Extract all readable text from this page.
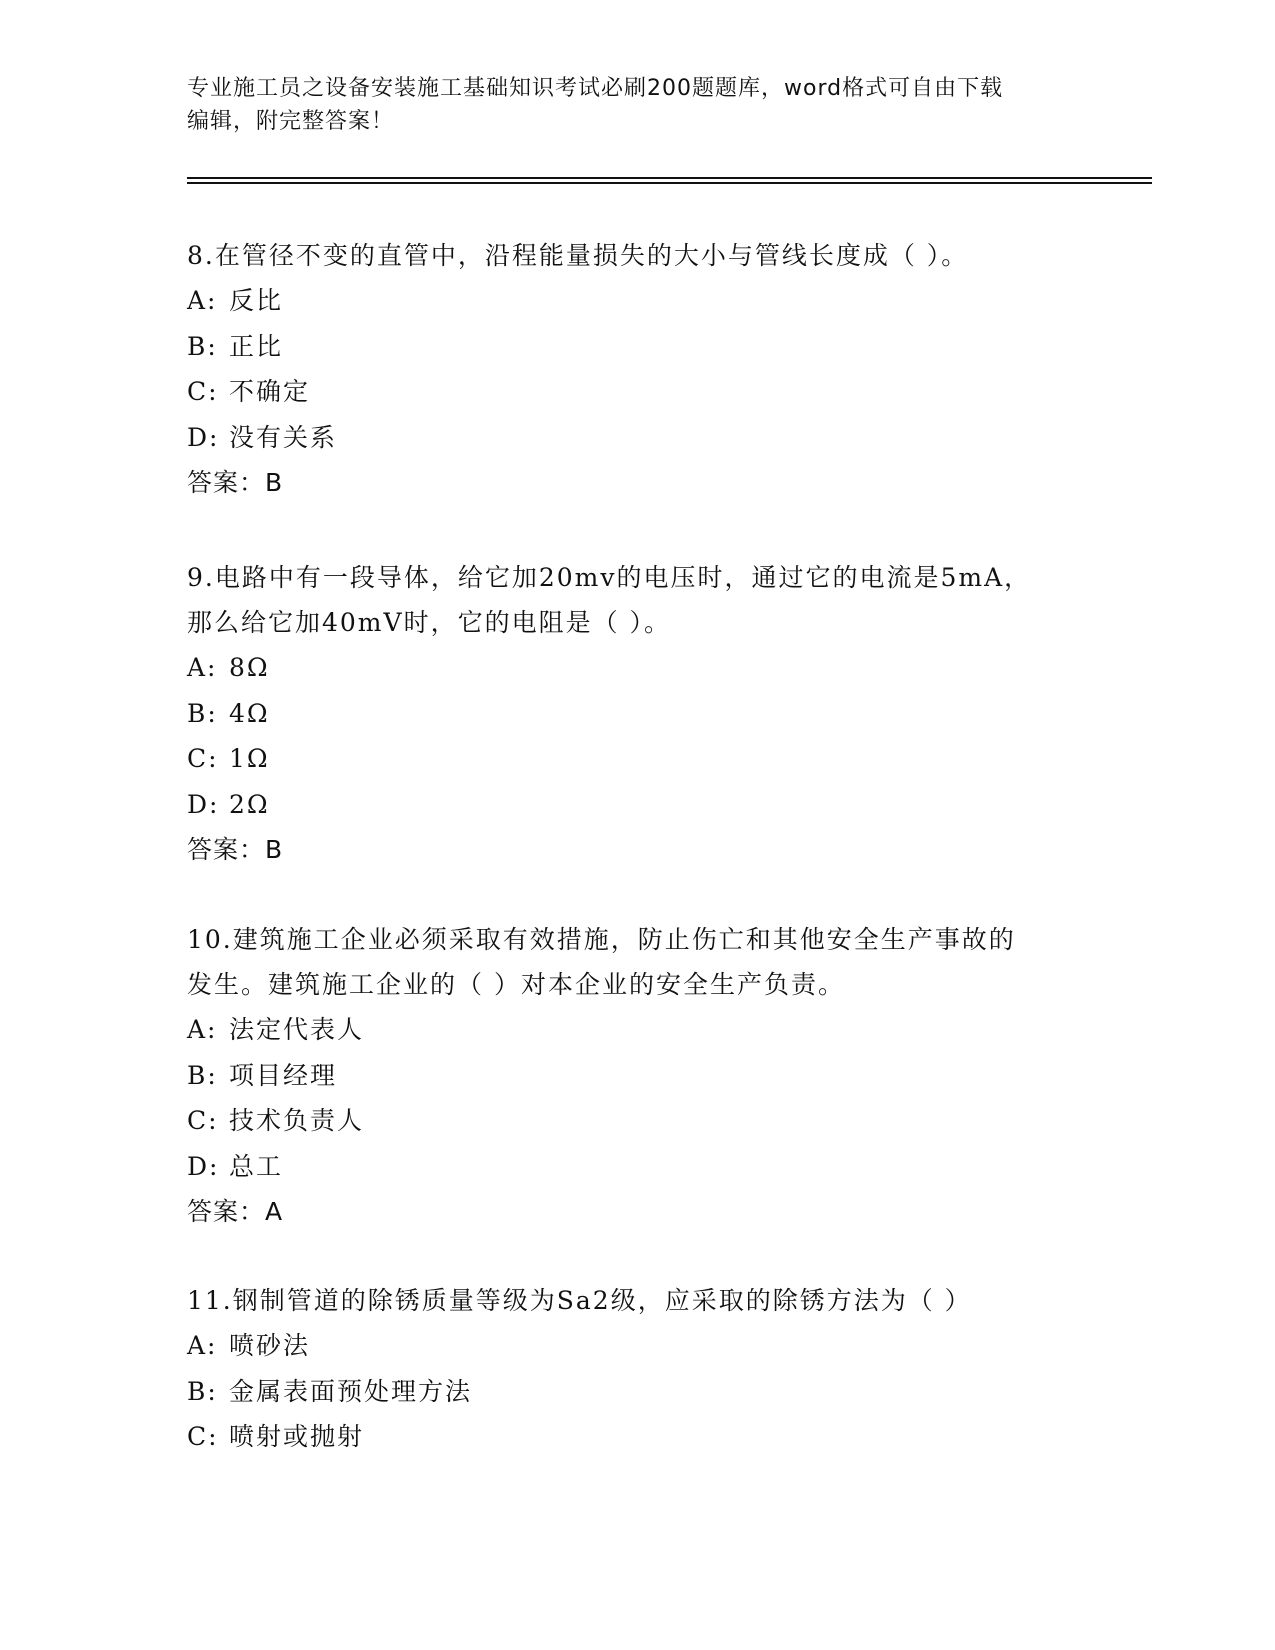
专业施工员之设备安装施工基础知识考试必刷200题题库，word格式可自由下载
编辑，附完整答案！
8.在管径不变的直管中，沿程能量损失的大小与管线长度成（ ）。
A: 反比
B: 正比
C: 不确定
D: 没有关系
答案：B
9.电路中有一段导体，给它加20mv的电压时，通过它的电流是5mA，
那么给它加40mV时，它的电阻是（ ）。
A: 8Ω
B: 4Ω
C: 1Ω
D: 2Ω
答案：B
10.建筑施工企业必须采取有效措施，防止伤亡和其他安全生产事故的
发生。建筑施工企业的（ ）对本企业的安全生产负责。
A: 法定代表人
B: 项目经理
C: 技术负责人
D: 总工
答案：A
11.钢制管道的除锈质量等级为Sa2级，应采取的除锈方法为（ ）
A: 喷砂法
B: 金属表面预处理方法
C: 喷射或抛射
